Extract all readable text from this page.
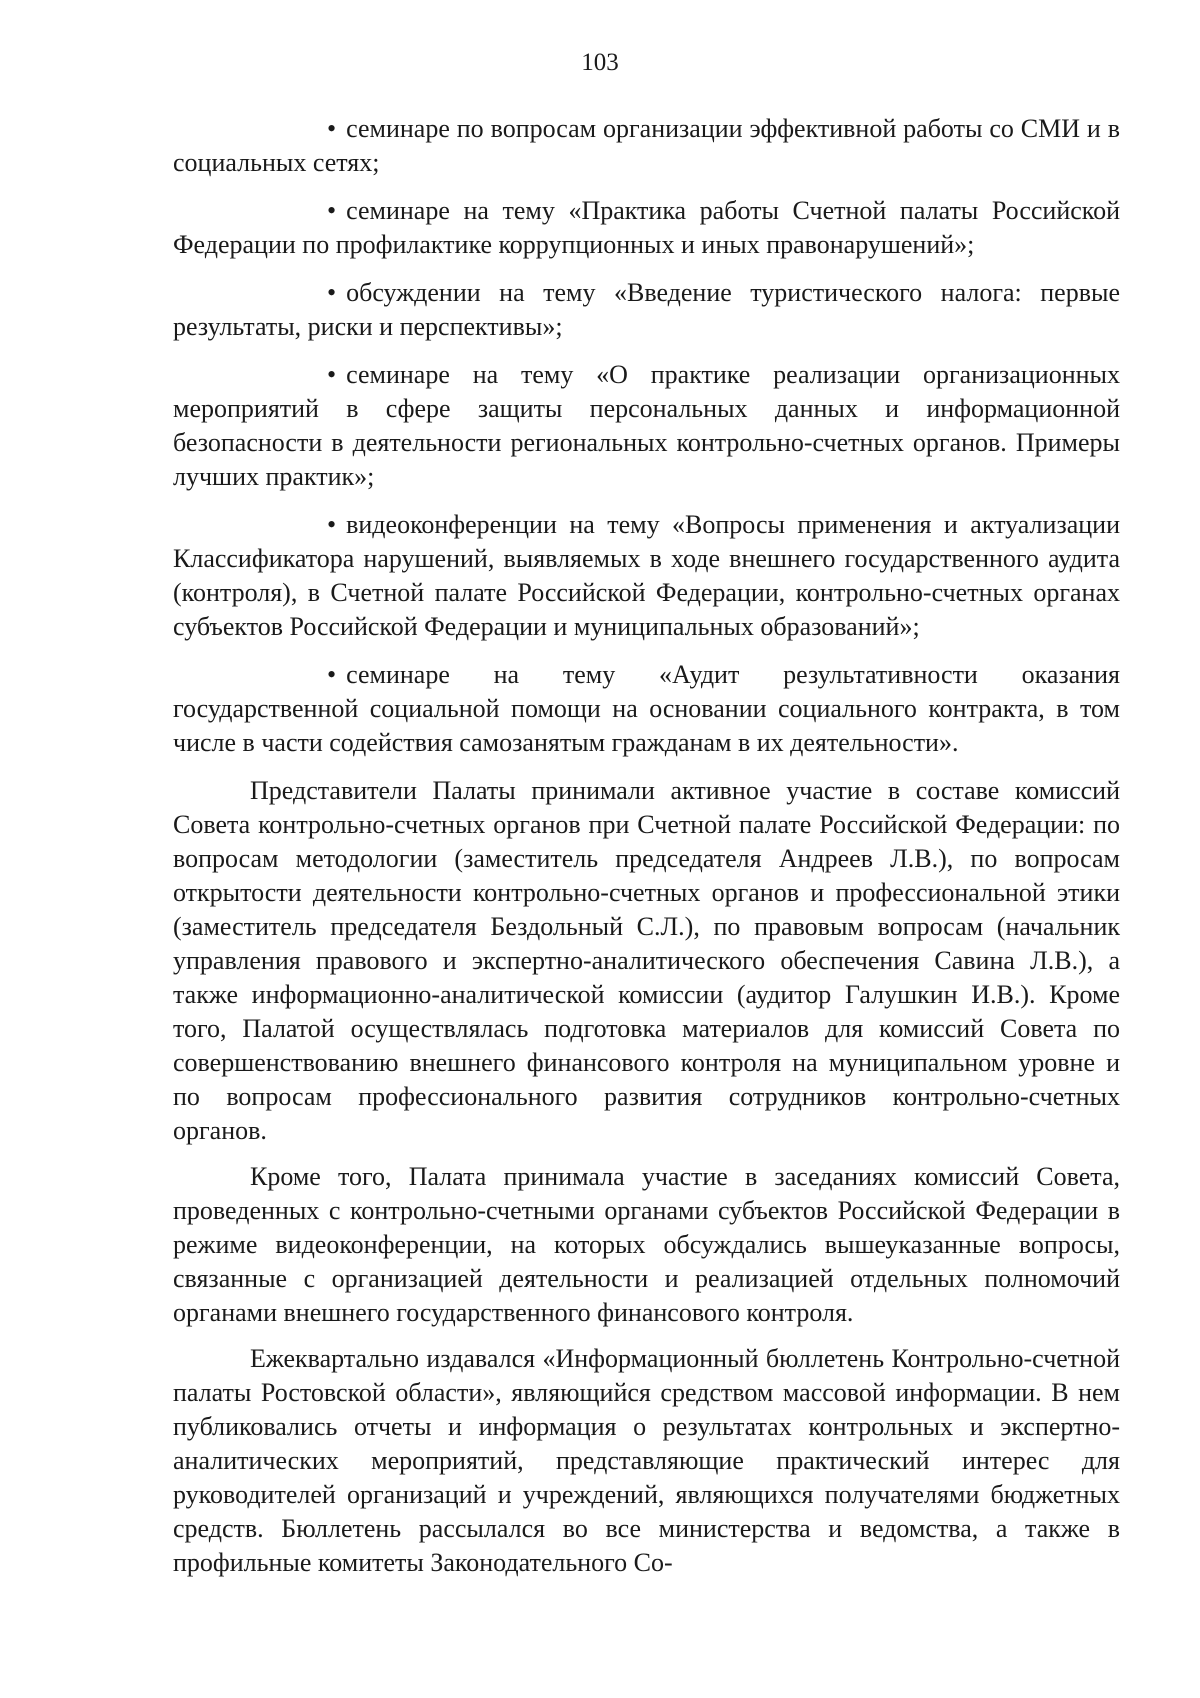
103

• семинаре по вопросам организации эффективной работы со СМИ и в социальных сетях;

• семинаре на тему «Практика работы Счетной палаты Российской Федерации по профилактике коррупционных и иных правонарушений»;

• обсуждении на тему «Введение туристического налога: первые результаты, риски и перспективы»;

• семинаре на тему «О практике реализации организационных мероприятий в сфере защиты персональных данных и информационной безопасности в деятельности региональных контрольно-счетных органов. Примеры лучших практик»;

• видеоконференции на тему «Вопросы применения и актуализации Классификатора нарушений, выявляемых в ходе внешнего государственного аудита (контроля), в Счетной палате Российской Федерации, контрольно-счетных органах субъектов Российской Федерации и муниципальных образований»;

• семинаре на тему «Аудит результативности оказания государственной социальной помощи на основании социального контракта, в том числе в части содействия самозанятым гражданам в их деятельности».

Представители Палаты принимали активное участие в составе комиссий Совета контрольно-счетных органов при Счетной палате Российской Федерации: по вопросам методологии (заместитель председателя Андреев Л.В.), по вопросам открытости деятельности контрольно-счетных органов и профессиональной этики (заместитель председателя Бездольный С.Л.), по правовым вопросам (начальник управления правового и экспертно-аналитического обеспечения Савина Л.В.), а также информационно-аналитической комиссии (аудитор Галушкин И.В.). Кроме того, Палатой осуществлялась подготовка материалов для комиссий Совета по совершенствованию внешнего финансового контроля на муниципальном уровне и по вопросам профессионального развития сотрудников контрольно-счетных органов.

Кроме того, Палата принимала участие в заседаниях комиссий Совета, проведенных с контрольно-счетными органами субъектов Российской Федерации в режиме видеоконференции, на которых обсуждались вышеуказанные вопросы, связанные с организацией деятельности и реализацией отдельных полномочий органами внешнего государственного финансового контроля.

Ежеквартально издавался «Информационный бюллетень Контрольно-счетной палаты Ростовской области», являющийся средством массовой информации. В нем публиковались отчеты и информация о результатах контрольных и экспертно-аналитических мероприятий, представляющие практический интерес для руководителей организаций и учреждений, являющихся получателями бюджетных средств. Бюллетень рассылался во все министерства и ведомства, а также в профильные комитеты Законодательного Со-
